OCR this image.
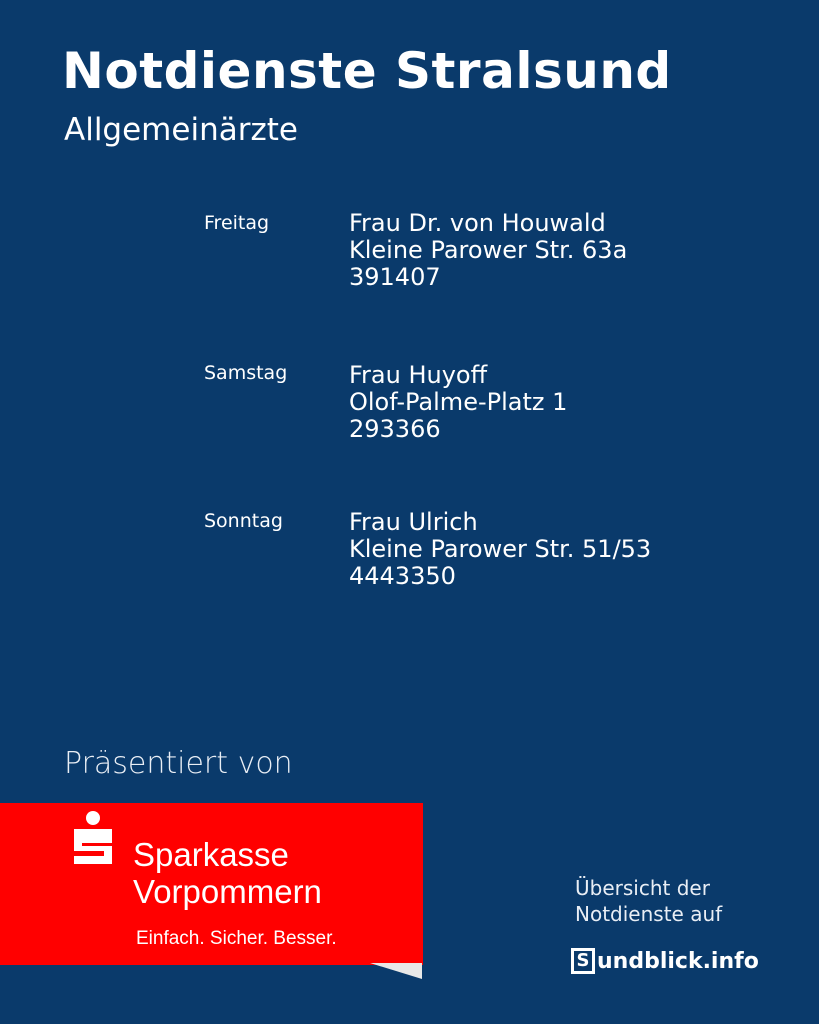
Notdienste Stralsund
Allgemeinärzte
Freitag	Frau Dr. von Houwald
Kleine Parower Str. 63a
391407
Samstag	Frau Huyoff
Olof-Palme-Platz 1
293366
Sonntag	Frau Ulrich
Kleine Parower Str. 51/53
4443350
Präsentiert von
Sparkasse
Vorpommern
Einfach. Sicher. Besser.
Übersicht der
Notdienste auf
S undblick.info
